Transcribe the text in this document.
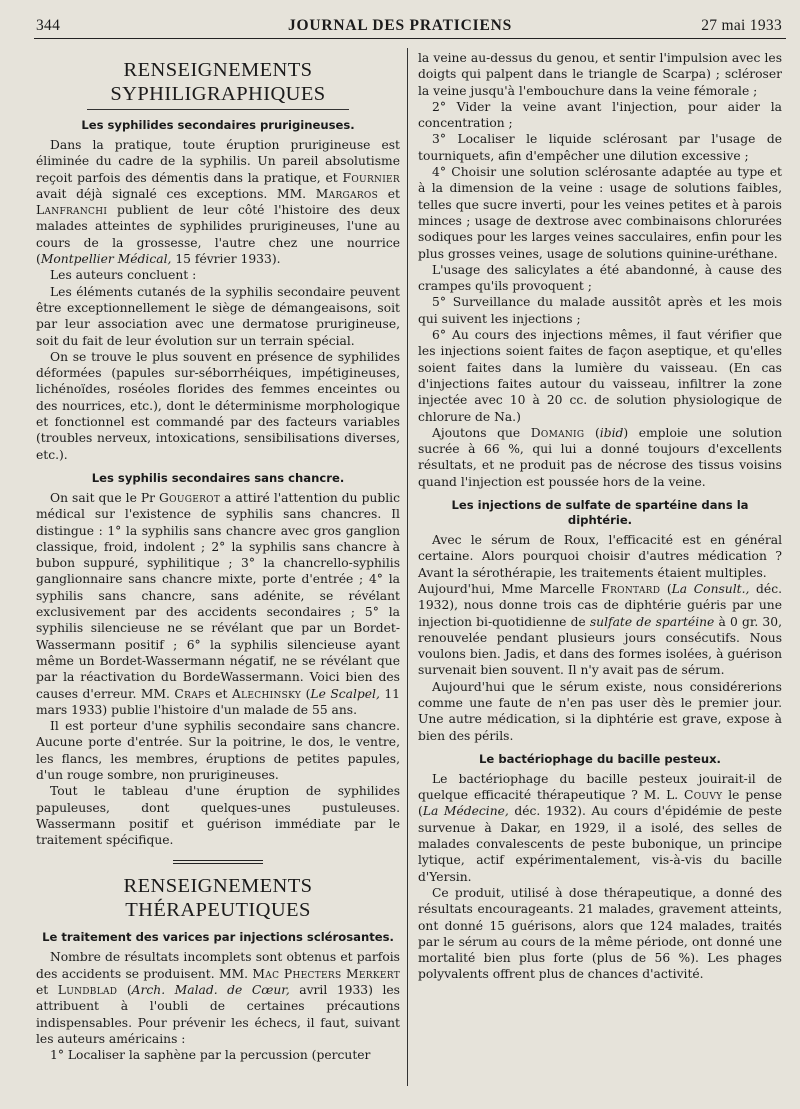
344	JOURNAL DES PRATICIENS	27 mai 1933
RENSEIGNEMENTS SYPHILIGRAPHIQUES
Les syphilides secondaires prurigineuses.

Dans la pratique, toute éruption prurigineuse est éliminée du cadre de la syphilis. Un pareil absolutisme reçoit parfois des démentis dans la pratique, et Fournier avait déjà signalé ces exceptions. MM. Margaros et Lanfranchi publient de leur côté l'histoire des deux malades atteintes de syphilides prurigineuses, l'une au cours de la grossesse, l'autre chez une nourrice (Montpellier Médical, 15 février 1933).

Les auteurs concluent :

Les éléments cutanés de la syphilis secondaire peuvent être exceptionnellement le siège de démangeaisons, soit par leur association avec une dermatose prurigineuse, soit du fait de leur évolution sur un terrain spécial.

On se trouve le plus souvent en présence de syphilides déformées (papules sur-séborrhéiques, impétigineuses, lichénoïdes, roséoles florides des femmes enceintes ou des nourrices, etc.), dont le déterminisme morphologique et fonctionnel est commandé par des facteurs variables (troubles nerveux, intoxications, sensibilisations diverses, etc.).

Les syphilis secondaires sans chancre.

On sait que le Pr Gougerot a attiré l'attention du public médical sur l'existence de syphilis sans chancres. Il distingue : 1° la syphilis sans chancre avec gros ganglion classique, froid, indolent ; 2° la syphilis sans chancre à bubon suppuré, syphilitique ; 3° la chancrello-syphilis ganglionnaire sans chancre mixte, porte d'entrée ; 4° la syphilis sans chancre, sans adénite, se révélant exclusivement par des accidents secondaires ; 5° la syphilis silencieuse ne se révélant que par un Bordet-Wassermann positif ; 6° la syphilis silencieuse ayant même un Bordet-Wassermann négatif, ne se révélant que par la réactivation du BordeWassermann. Voici bien des causes d'erreur. MM. Craps et Alechinsky (Le Scalpel, 11 mars 1933) publie l'histoire d'un malade de 55 ans.

Il est porteur d'une syphilis secondaire sans chancre. Aucune porte d'entrée. Sur la poitrine, le dos, le ventre, les flancs, les membres, éruptions de petites papules, d'un rouge sombre, non prurigineuses.

Tout le tableau d'une éruption de syphilides papuleuses, dont quelques-unes pustuleuses. Wassermann positif et guérison immédiate par le traitement spécifique.

RENSEIGNEMENTS THÉRAPEUTIQUES
Le traitement des varices par injections sclérosantes.

Nombre de résultats incomplets sont obtenus et parfois des accidents se produisent. MM. Mac Phecters Merkert et Lundblad (Arch. Malad. de Cœur, avril 1933) les attribuent à l'oubli de certaines précautions indispensables. Pour prévenir les échecs, il faut, suivant les auteurs américains :

1° Localiser la saphène par la percussion (percuter

la veine au-dessus du genou, et sentir l'impulsion avec les doigts qui palpent dans le triangle de Scarpa) ; scléroser la veine jusqu'à l'embouchure dans la veine fémorale ;

2° Vider la veine avant l'injection, pour aider la concentration ;

3° Localiser le liquide sclérosant par l'usage de tourniquets, afin d'empêcher une dilution excessive ;

4° Choisir une solution sclérosante adaptée au type et à la dimension de la veine : usage de solutions faibles, telles que sucre inverti, pour les veines petites et à parois minces ; usage de dextrose avec combinaisons chlorurées sodiques pour les larges veines sacculaires, enfin pour les plus grosses veines, usage de solutions quinine-uréthane.

L'usage des salicylates a été abandonné, à cause des crampes qu'ils provoquent ;

5° Surveillance du malade aussitôt après et les mois qui suivent les injections ;

6° Au cours des injections mêmes, il faut vérifier que les injections soient faites de façon aseptique, et qu'elles soient faites dans la lumière du vaisseau. (En cas d'injections faites autour du vaisseau, infiltrer la zone injectée avec 10 à 20 cc. de solution physiologique de chlorure de Na.)

Ajoutons que Domanig (ibid) emploie une solution sucrée à 66 %, qui lui a donné toujours d'excellents résultats, et ne produit pas de nécrose des tissus voisins quand l'injection est poussée hors de la veine.

Les injections de sulfate de spartéine dans la diphtérie.

Avec le sérum de Roux, l'efficacité est en général certaine. Alors pourquoi choisir d'autres médication ? Avant la sérothérapie, les traitements étaient multiples.

Aujourd'hui, Mme Marcelle Frontard (La Consult., déc. 1932), nous donne trois cas de diphtérie guéris par une injection bi-quotidienne de sulfate de spartéine à 0 gr. 30, renouvelée pendant plusieurs jours consécutifs. Nous voulons bien. Jadis, et dans des formes isolées, à guérison survenait bien souvent. Il n'y avait pas de sérum.

Aujourd'hui que le sérum existe, nous considérerions comme une faute de n'en pas user dès le premier jour. Une autre médication, si la diphtérie est grave, expose à bien des périls.

Le bactériophage du bacille pesteux.

Le bactériophage du bacille pesteux jouirait-il de quelque efficacité thérapeutique ? M. L. Couvy le pense (La Médecine, déc. 1932). Au cours d'épidémie de peste survenue à Dakar, en 1929, il a isolé, des selles de malades convalescents de peste bubonique, un principe lytique, actif expérimentalement, vis-à-vis du bacille d'Yersin.

Ce produit, utilisé à dose thérapeutique, a donné des résultats encourageants. 21 malades, gravement atteints, ont donné 15 guérisons, alors que 124 malades, traités par le sérum au cours de la même période, ont donné une mortalité bien plus forte (plus de 56 %). Les phages polyvalents offrent plus de chances d'activité.
